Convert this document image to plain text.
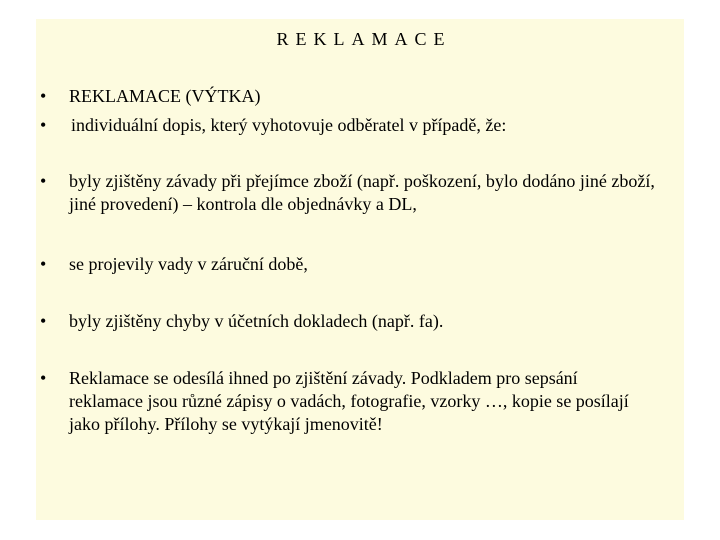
REKLAMACE
•	REKLAMACE (VÝTKA)
•	individuální dopis, který vyhotovuje odběratel v případě, že:
•	byly zjištěny závady při přejímce zboží (např. poškození, bylo dodáno jiné zboží, jiné provedení) – kontrola dle objednávky a DL,
•	se projevily vady v záruční době,
•	byly zjištěny chyby v účetních dokladech (např. fa).
•	Reklamace se odesílá ihned po zjištění závady. Podkladem pro sepsání reklamace jsou různé zápisy o vadách, fotografie, vzorky …, kopie se posílají jako přílohy. Přílohy se vytýkají jmenovitě!
